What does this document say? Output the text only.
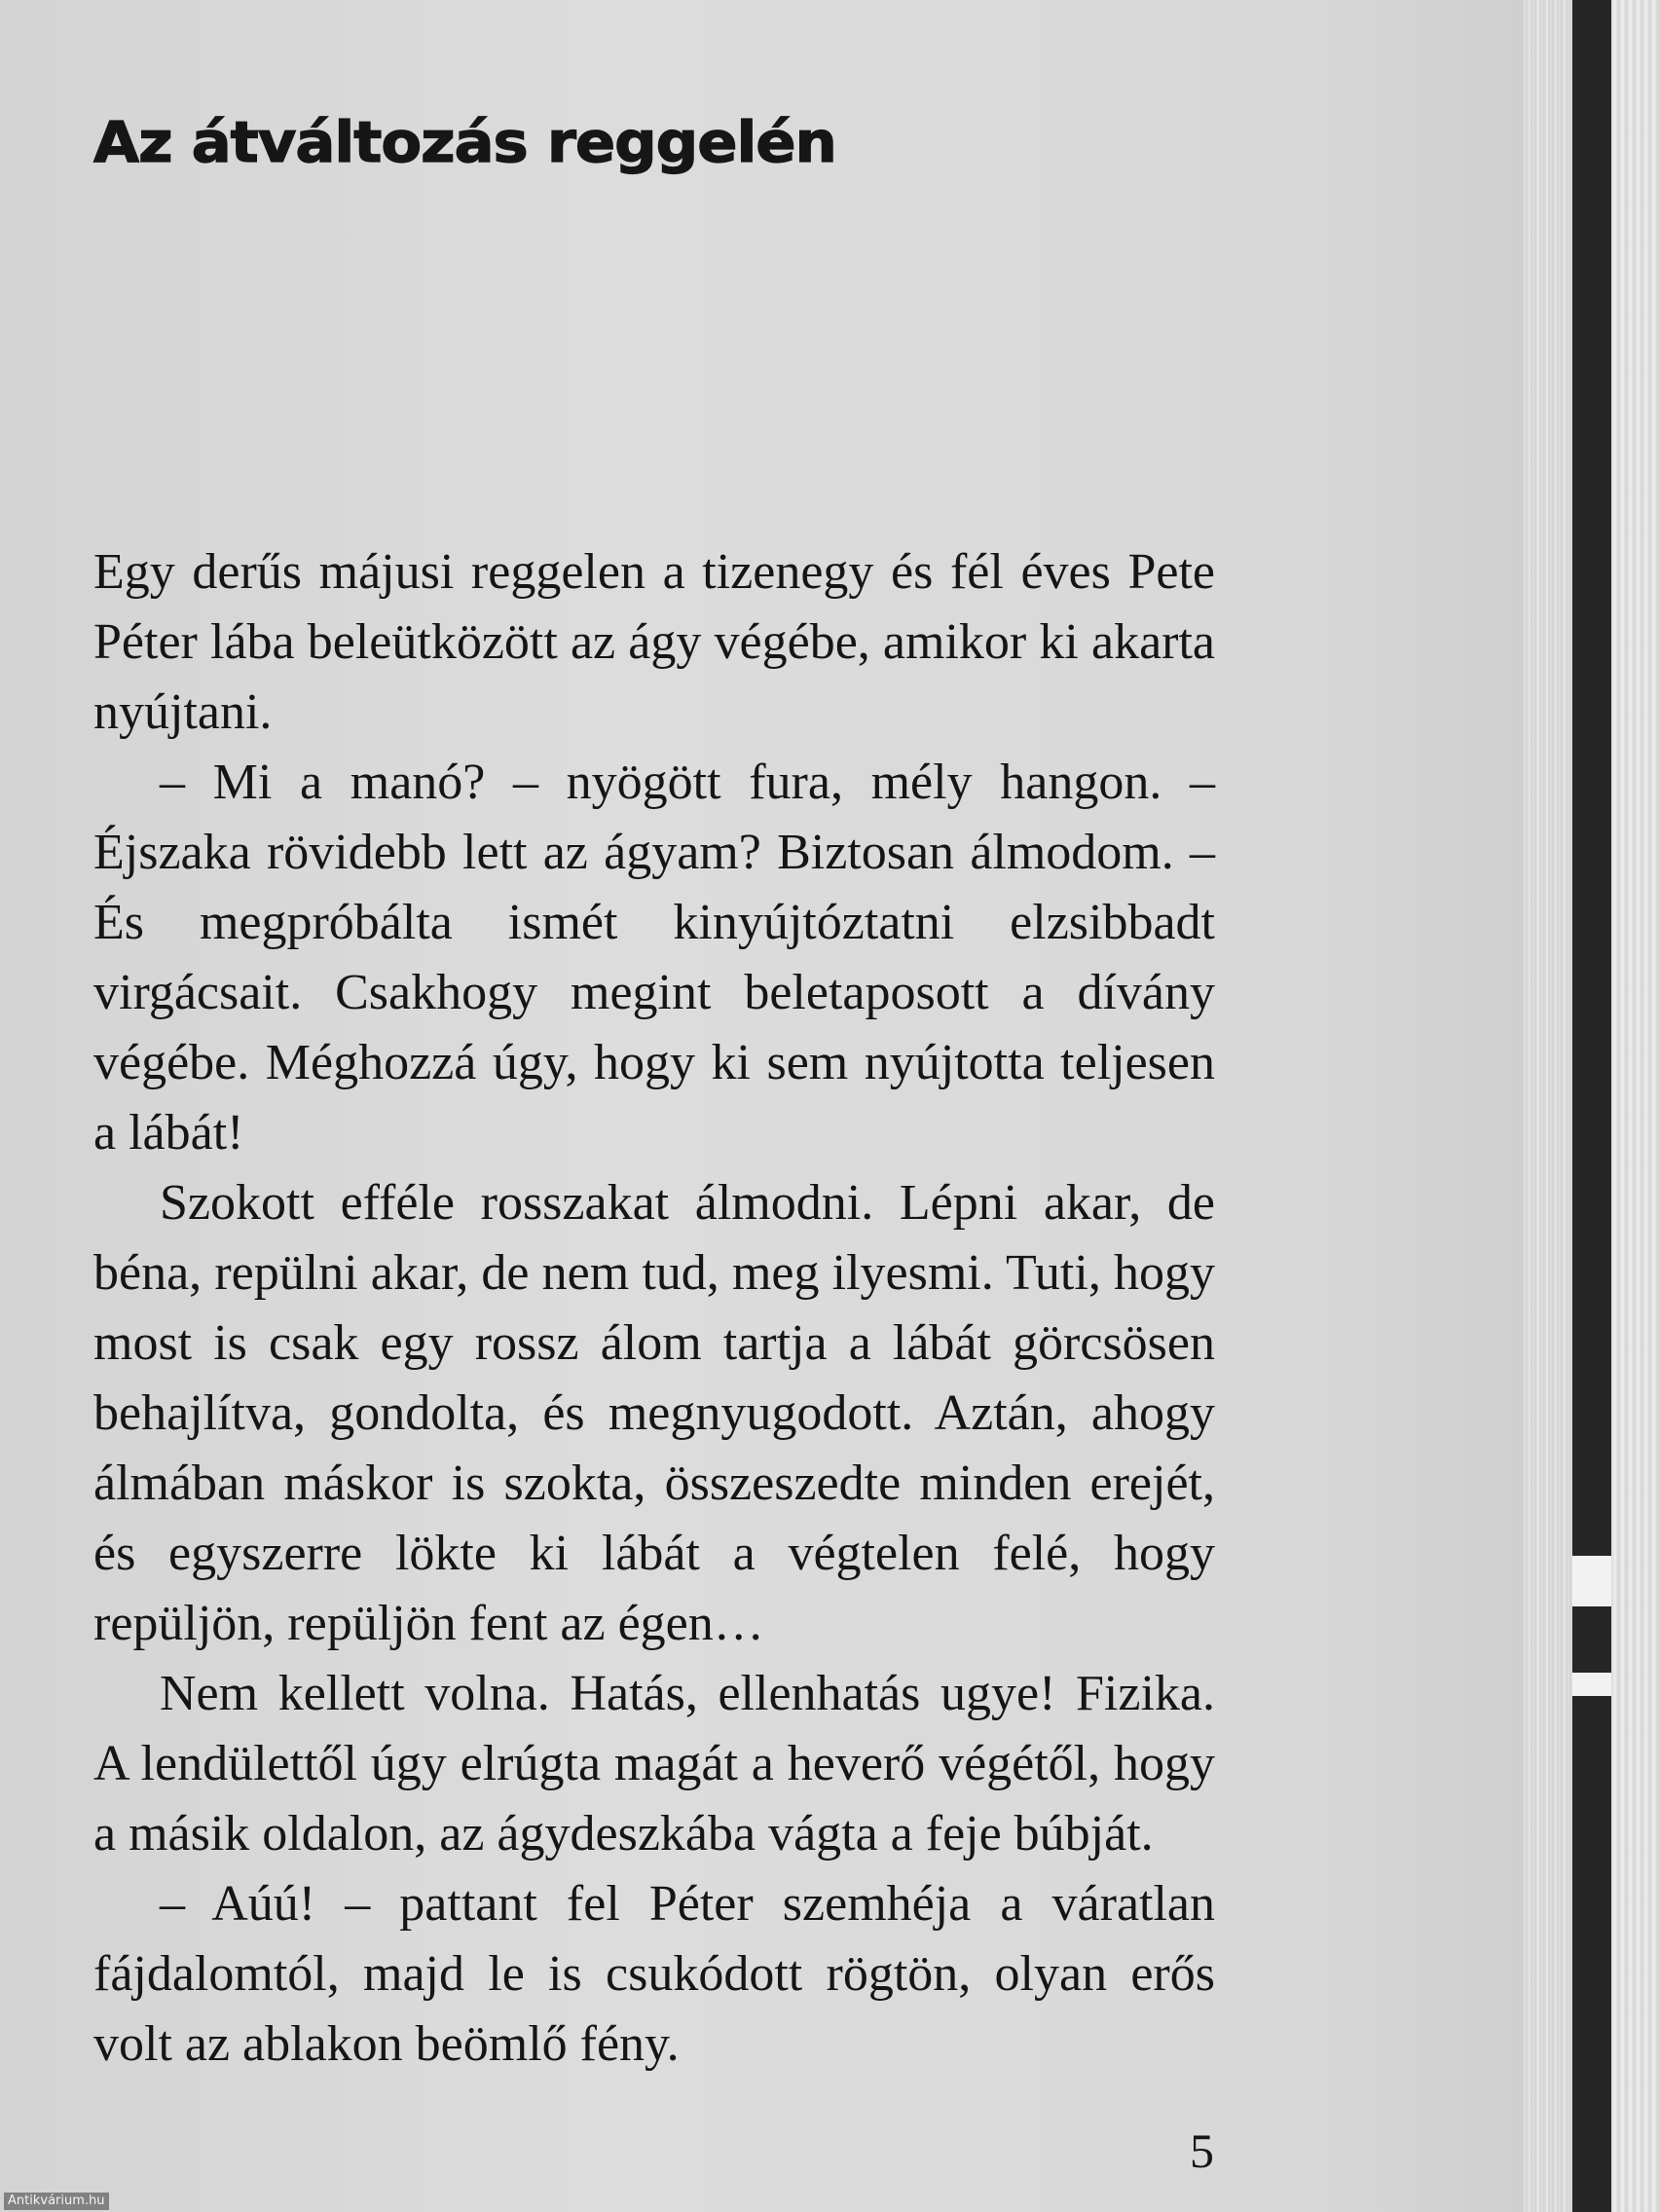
Az átváltozás reggelén

Egy derűs májusi reggelen a tizenegy és fél éves Pete Péter lába beleütközött az ágy végébe, amikor ki akarta nyújtani.

– Mi a manó? – nyögött fura, mély hangon. – Éjszaka rövidebb lett az ágyam? Biztosan álmodom. – És megpróbálta ismét kinyújtóztatni elzsibbadt virgácsait. Csakhogy megint beletaposott a dívány végébe. Méghozzá úgy, hogy ki sem nyújtotta teljesen a lábát!

Szokott efféle rosszakat álmodni. Lépni akar, de béna, repülni akar, de nem tud, meg ilyesmi. Tuti, hogy most is csak egy rossz álom tartja a lábát görcsösen behajlítva, gondolta, és megnyugodott. Aztán, ahogy álmában máskor is szokta, összeszedte minden erejét, és egyszerre lökte ki lábát a végtelen felé, hogy repüljön, repüljön fent az égen…

Nem kellett volna. Hatás, ellenhatás ugye! Fizika. A lendülettől úgy elrúgta magát a heverő végétől, hogy a másik oldalon, az ágydeszkába vágta a feje búbját.

– Aúú! – pattant fel Péter szemhéja a váratlan fájdalomtól, majd le is csukódott rögtön, olyan erős volt az ablakon beömlő fény.

5
Antikvárium.hu
